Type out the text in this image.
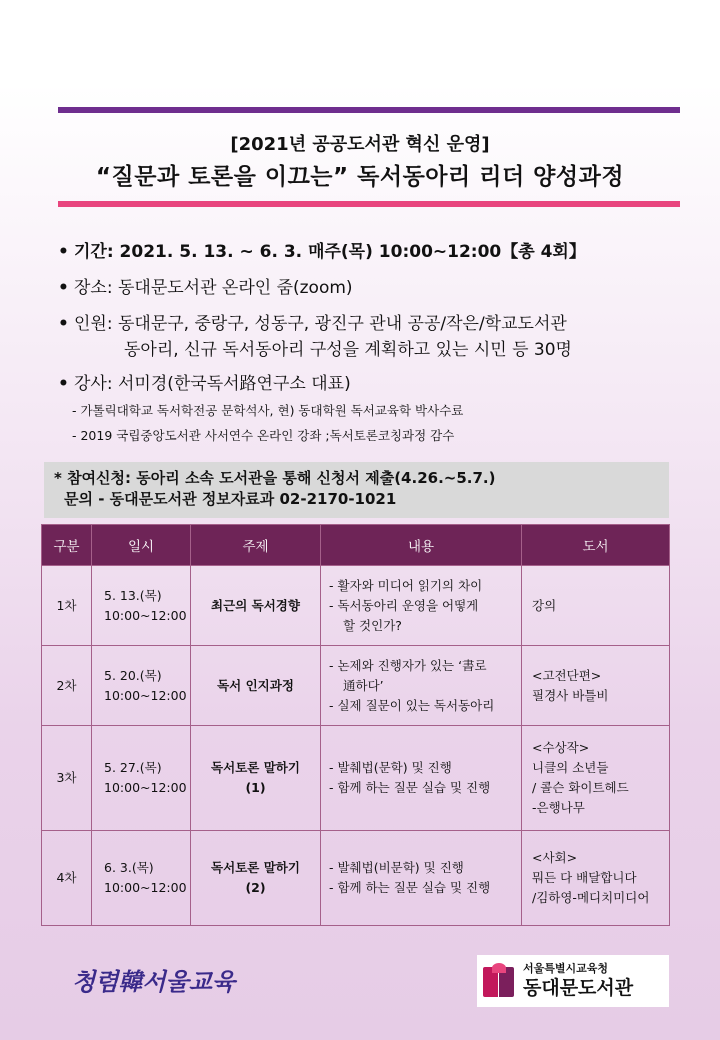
[2021년 공공도서관 혁신 운영]
“질문과 토론을 이끄는” 독서동아리 리더 양성과정
• 기간: 2021. 5. 13. ~ 6. 3. 매주(목) 10:00~12:00【총 4회】
• 장소: 동대문도서관 온라인 줌(zoom)
• 인원: 동대문구, 중랑구, 성동구, 광진구 관내 공공/작은/학교도서관
동아리, 신규 독서동아리 구성을 계획하고 있는 시민 등 30명
• 강사: 서미경(한국독서路연구소 대표)
- 가톨릭대학교 독서학전공 문학석사, 현) 동대학원 독서교육학 박사수료
- 2019 국립중앙도서관 사서연수 온라인 강좌 ;독서토론코칭과정 감수
* 참여신청: 동아리 소속 도서관을 통해 신청서 제출(4.26.~5.7.)
문의 - 동대문도서관 정보자료과 02-2170-1021
구분	일시	주제	내용	도서
1차	5. 13.(목)
10:00~12:00	최근의 독서경향	- 활자와 미디어 읽기의 차이
- 독서동아리 운영을 어떻게
할 것인가?	강의

2차	5. 20.(목)
10:00~12:00	독서 인지과정	- 논제와 진행자가 있는 ‘書로
通하다’
- 실제 질문이 있는 독서동아리	<고전단편>
필경사 바틀비

3차	5. 27.(목)
10:00~12:00	독서토론 말하기
(1)	- 발췌법(문학) 및 진행
- 함께 하는 질문 실습 및 진행	<수상작>
니클의 소년들
/ 콜슨 화이트헤드
-은행나무

4차	6. 3.(목)
10:00~12:00	독서토론 말하기
(2)	- 발췌법(비문학) 및 진행
- 함께 하는 질문 실습 및 진행	<사회>
뭐든 다 배달합니다
/김하영-메디치미디어
청렴韓서울교육	서울특별시교육청
동대문도서관
